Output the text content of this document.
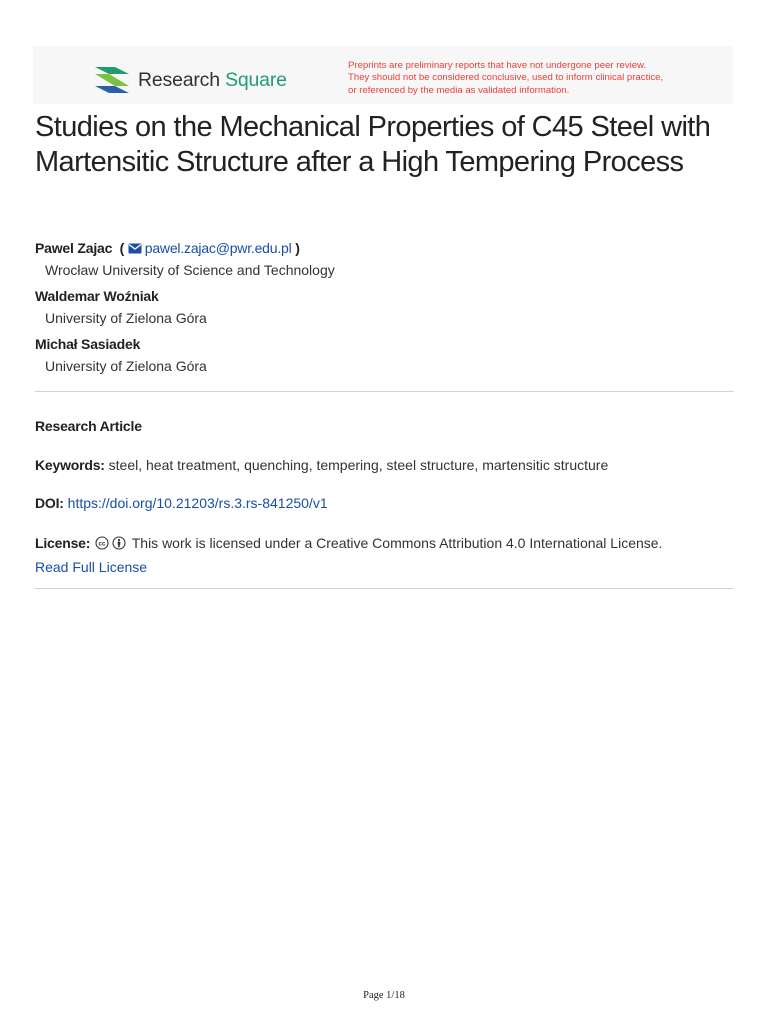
Research Square
Preprints are preliminary reports that have not undergone peer review.
They should not be considered conclusive, used to inform clinical practice,
or referenced by the media as validated information.
Studies on the Mechanical Properties of C45 Steel with Martensitic Structure after a High Tempering Process
Pawel Zajac  ( pawel.zajac@pwr.edu.pl )
Wrocław University of Science and Technology
Waldemar Woźniak
University of Zielona Góra
Michał Sasiadek
University of Zielona Góra
Research Article
Keywords: steel, heat treatment, quenching, tempering, steel structure, martensitic structure
DOI: https://doi.org/10.21203/rs.3.rs-841250/v1
License: cc This work is licensed under a Creative Commons Attribution 4.0 International License.
Read Full License
Page 1/18
